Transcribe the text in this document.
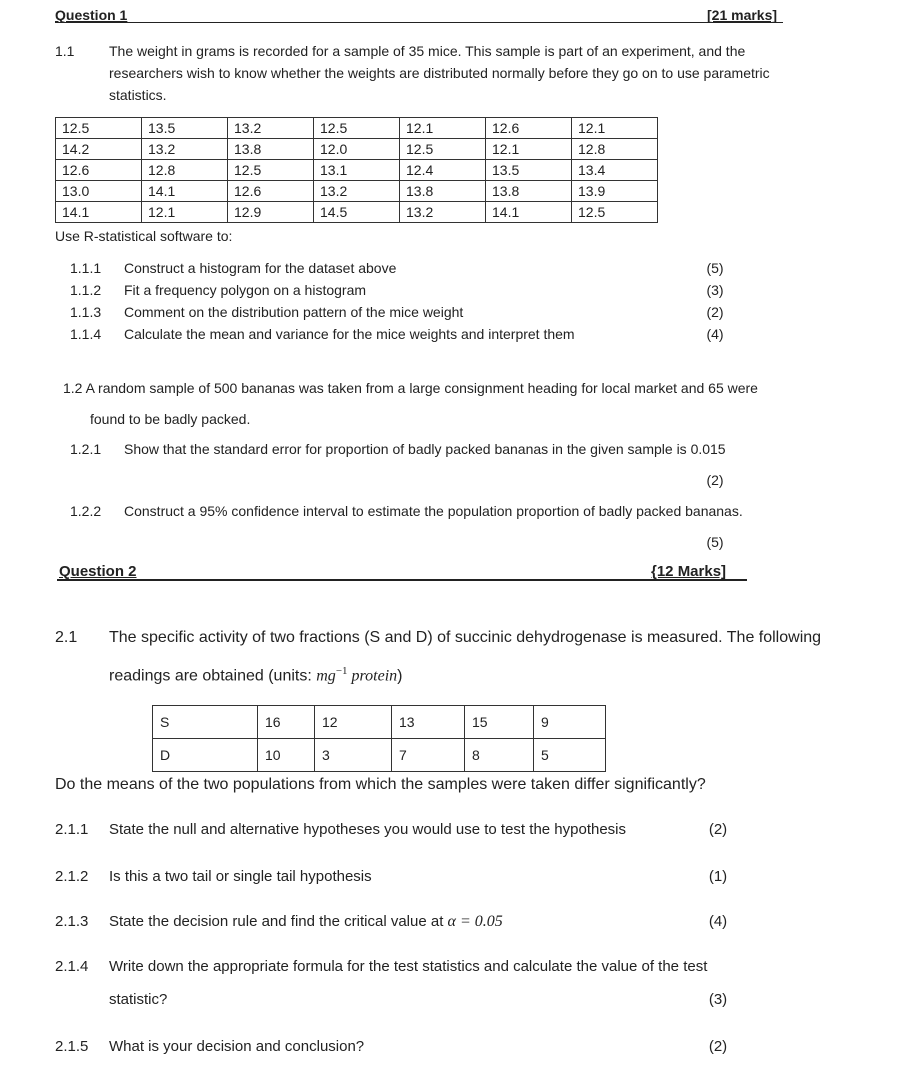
Question 1	[21 marks]
1.1 The weight in grams is recorded for a sample of 35 mice. This sample is part of an experiment, and the
researchers wish to know whether the weights are distributed normally before they go on to use parametric
statistics.
12.5	13.5	13.2	12.5	12.1	12.6	12.1
14.2	13.2	13.8	12.0	12.5	12.1	12.8
12.6	12.8	12.5	13.1	12.4	13.5	13.4
13.0	14.1	12.6	13.2	13.8	13.8	13.9
14.1	12.1	12.9	14.5	13.2	14.1	12.5
Use R-statistical software to:
1.1.1 Construct a histogram for the dataset above	(5)
1.1.2 Fit a frequency polygon on a histogram	(3)
1.1.3 Comment on the distribution pattern of the mice weight	(2)
1.1.4 Calculate the mean and variance for the mice weights and interpret them	(4)
1.2 A random sample of 500 bananas was taken from a large consignment heading for local market and 65 were
found to be badly packed.
1.2.1 Show that the standard error for proportion of badly packed bananas in the given sample is 0.015
(2)
1.2.2 Construct a 95% confidence interval to estimate the population proportion of badly packed bananas.
(5)
Question 2	{12 Marks]
2.1 The specific activity of two fractions (S and D) of succinic dehydrogenase is measured. The following
readings are obtained (units: $mg^{-1}$ protein)
S	16	12	13	15	9
D	10	3	7	8	5
Do the means of the two populations from which the samples were taken differ significantly?
2.1.1 State the null and alternative hypotheses you would use to test the hypothesis	(2)
2.1.2 Is this a two tail or single tail hypothesis	(1)
2.1.3 State the decision rule and find the critical value at α = 0.05	(4)
2.1.4 Write down the appropriate formula for the test statistics and calculate the value of the test
statistic?	(3)
2.1.5 What is your decision and conclusion?	(2)
